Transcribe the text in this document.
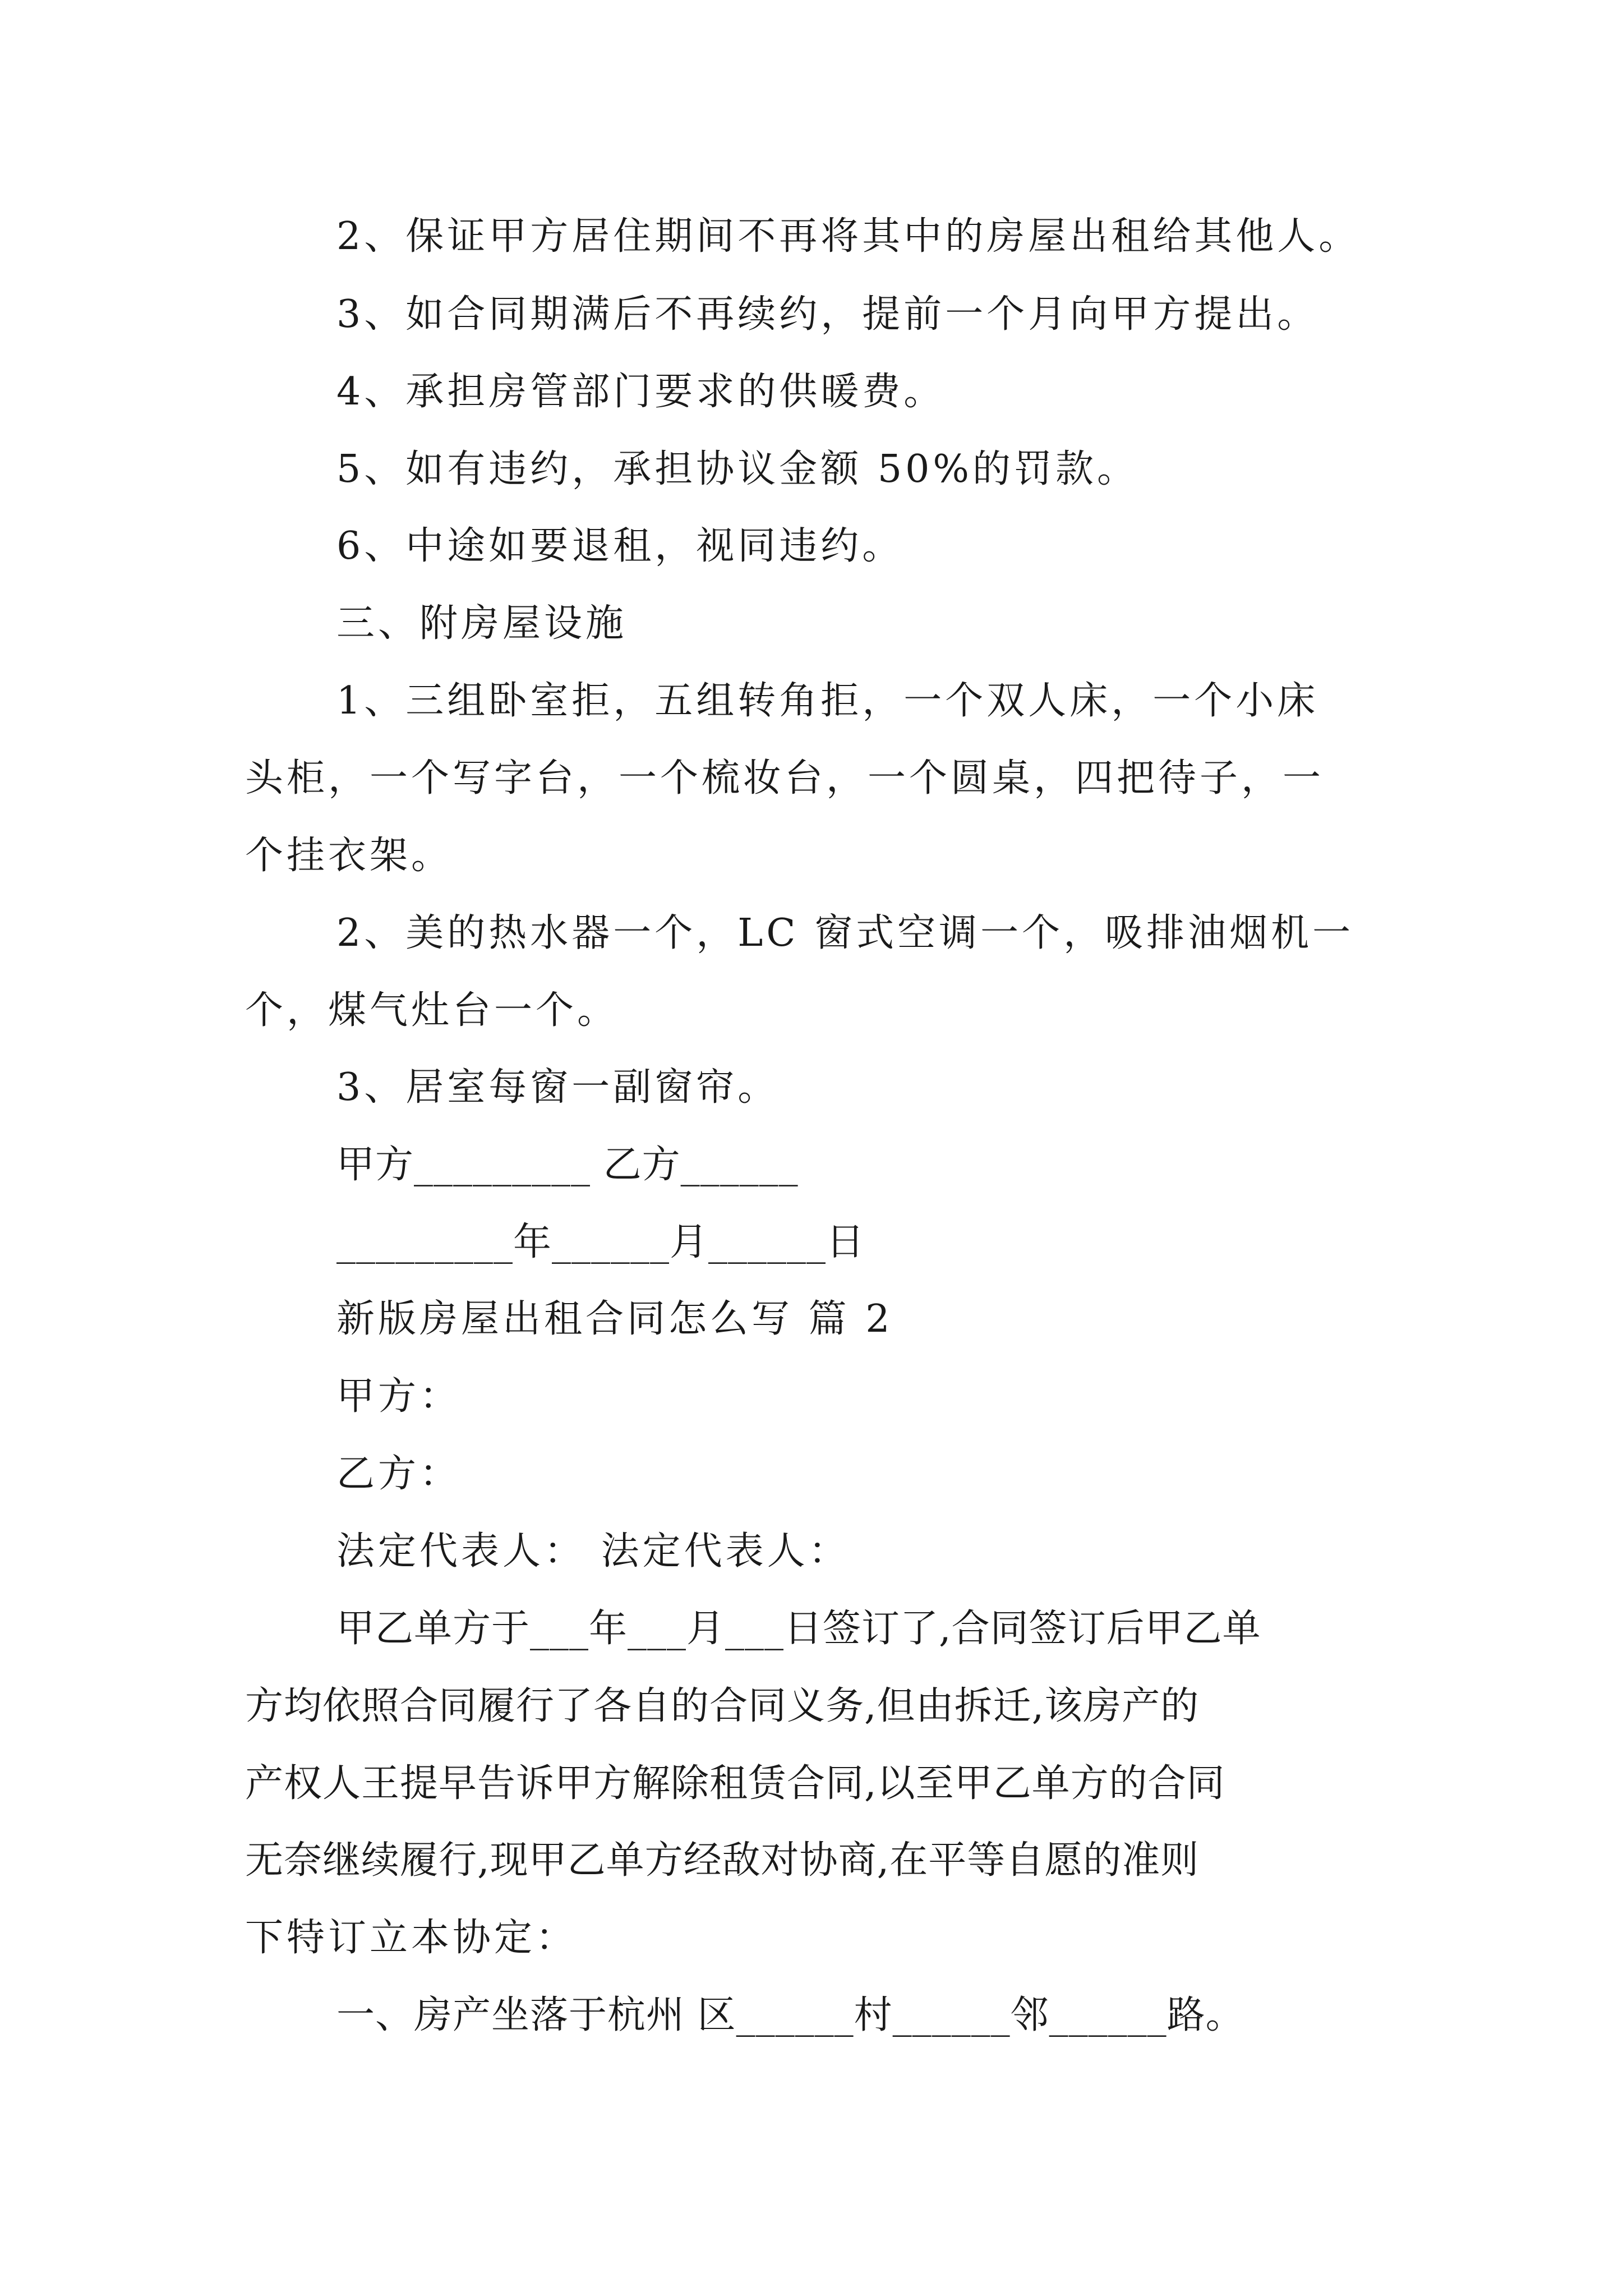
2、保证甲方居住期间不再将其中的房屋出租给其他人。
3、如合同期满后不再续约，提前一个月向甲方提出。
4、承担房管部门要求的供暖费。
5、如有违约，承担协议金额 50%的罚款。
6、中途如要退租，视同违约。
三、附房屋设施
1、三组卧室拒，五组转角拒，一个双人床，一个小床
头柜，一个写字台，一个梳妆台，一个圆桌，四把待子，一
个挂衣架。
2、美的热水器一个，LC 窗式空调一个，吸排油烟机一
个，煤气灶台一个。
3、居室每窗一副窗帘。
甲方_________ 乙方______
_________年______月______日
新版房屋出租合同怎么写 篇 2
甲方：
乙方：
法定代表人： 法定代表人：
甲乙单方于___年___月___日签订了,合同签订后甲乙单
方均依照合同履行了各自的合同义务,但由拆迁,该房产的
产权人王提早告诉甲方解除租赁合同,以至甲乙单方的合同
无奈继续履行,现甲乙单方经敌对协商,在平等自愿的准则
下特订立本协定：
一、房产坐落于杭州 区______村______邻______路。
